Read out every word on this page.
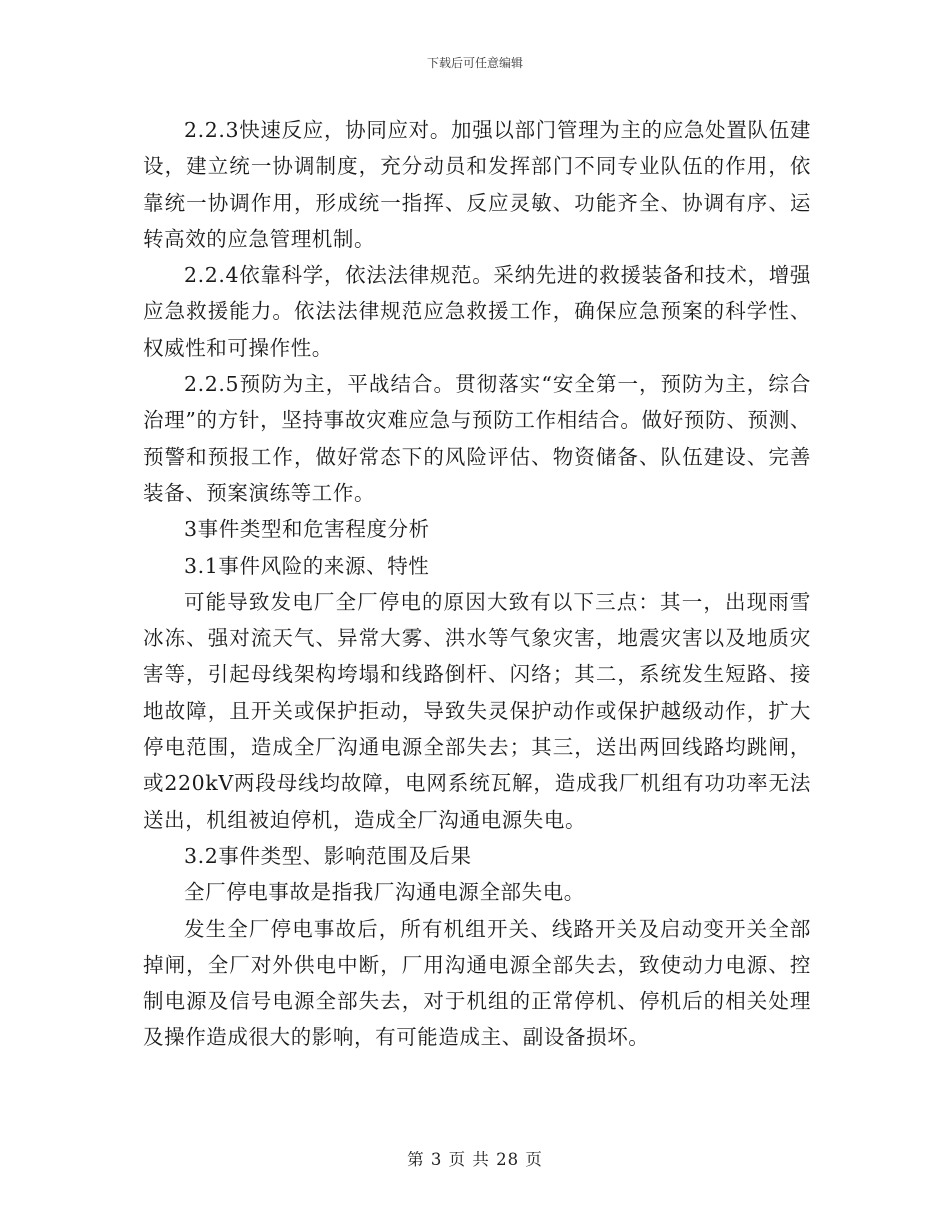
下载后可任意编辑

2.2.3快速反应，协同应对。加强以部门管理为主的应急处置队伍建设，建立统一协调制度，充分动员和发挥部门不同专业队伍的作用，依靠统一协调作用，形成统一指挥、反应灵敏、功能齐全、协调有序、运转高效的应急管理机制。

2.2.4依靠科学，依法法律规范。采纳先进的救援装备和技术，增强应急救援能力。依法法律规范应急救援工作，确保应急预案的科学性、权威性和可操作性。

2.2.5预防为主，平战结合。贯彻落实“安全第一，预防为主，综合治理”的方针，坚持事故灾难应急与预防工作相结合。做好预防、预测、预警和预报工作，做好常态下的风险评估、物资储备、队伍建设、完善装备、预案演练等工作。

3事件类型和危害程度分析

3.1事件风险的来源、特性

可能导致发电厂全厂停电的原因大致有以下三点：其一，出现雨雪冰冻、强对流天气、异常大雾、洪水等气象灾害，地震灾害以及地质灾害等，引起母线架构垮塌和线路倒杆、闪络；其二，系统发生短路、接地故障，且开关或保护拒动，导致失灵保护动作或保护越级动作，扩大停电范围，造成全厂沟通电源全部失去；其三，送出两回线路均跳闸，或220kV两段母线均故障，电网系统瓦解，造成我厂机组有功功率无法送出，机组被迫停机，造成全厂沟通电源失电。

3.2事件类型、影响范围及后果

全厂停电事故是指我厂沟通电源全部失电。

发生全厂停电事故后，所有机组开关、线路开关及启动变开关全部掉闸，全厂对外供电中断，厂用沟通电源全部失去，致使动力电源、控制电源及信号电源全部失去，对于机组的正常停机、停机后的相关处理及操作造成很大的影响，有可能造成主、副设备损坏。

第 3 页 共 28 页
